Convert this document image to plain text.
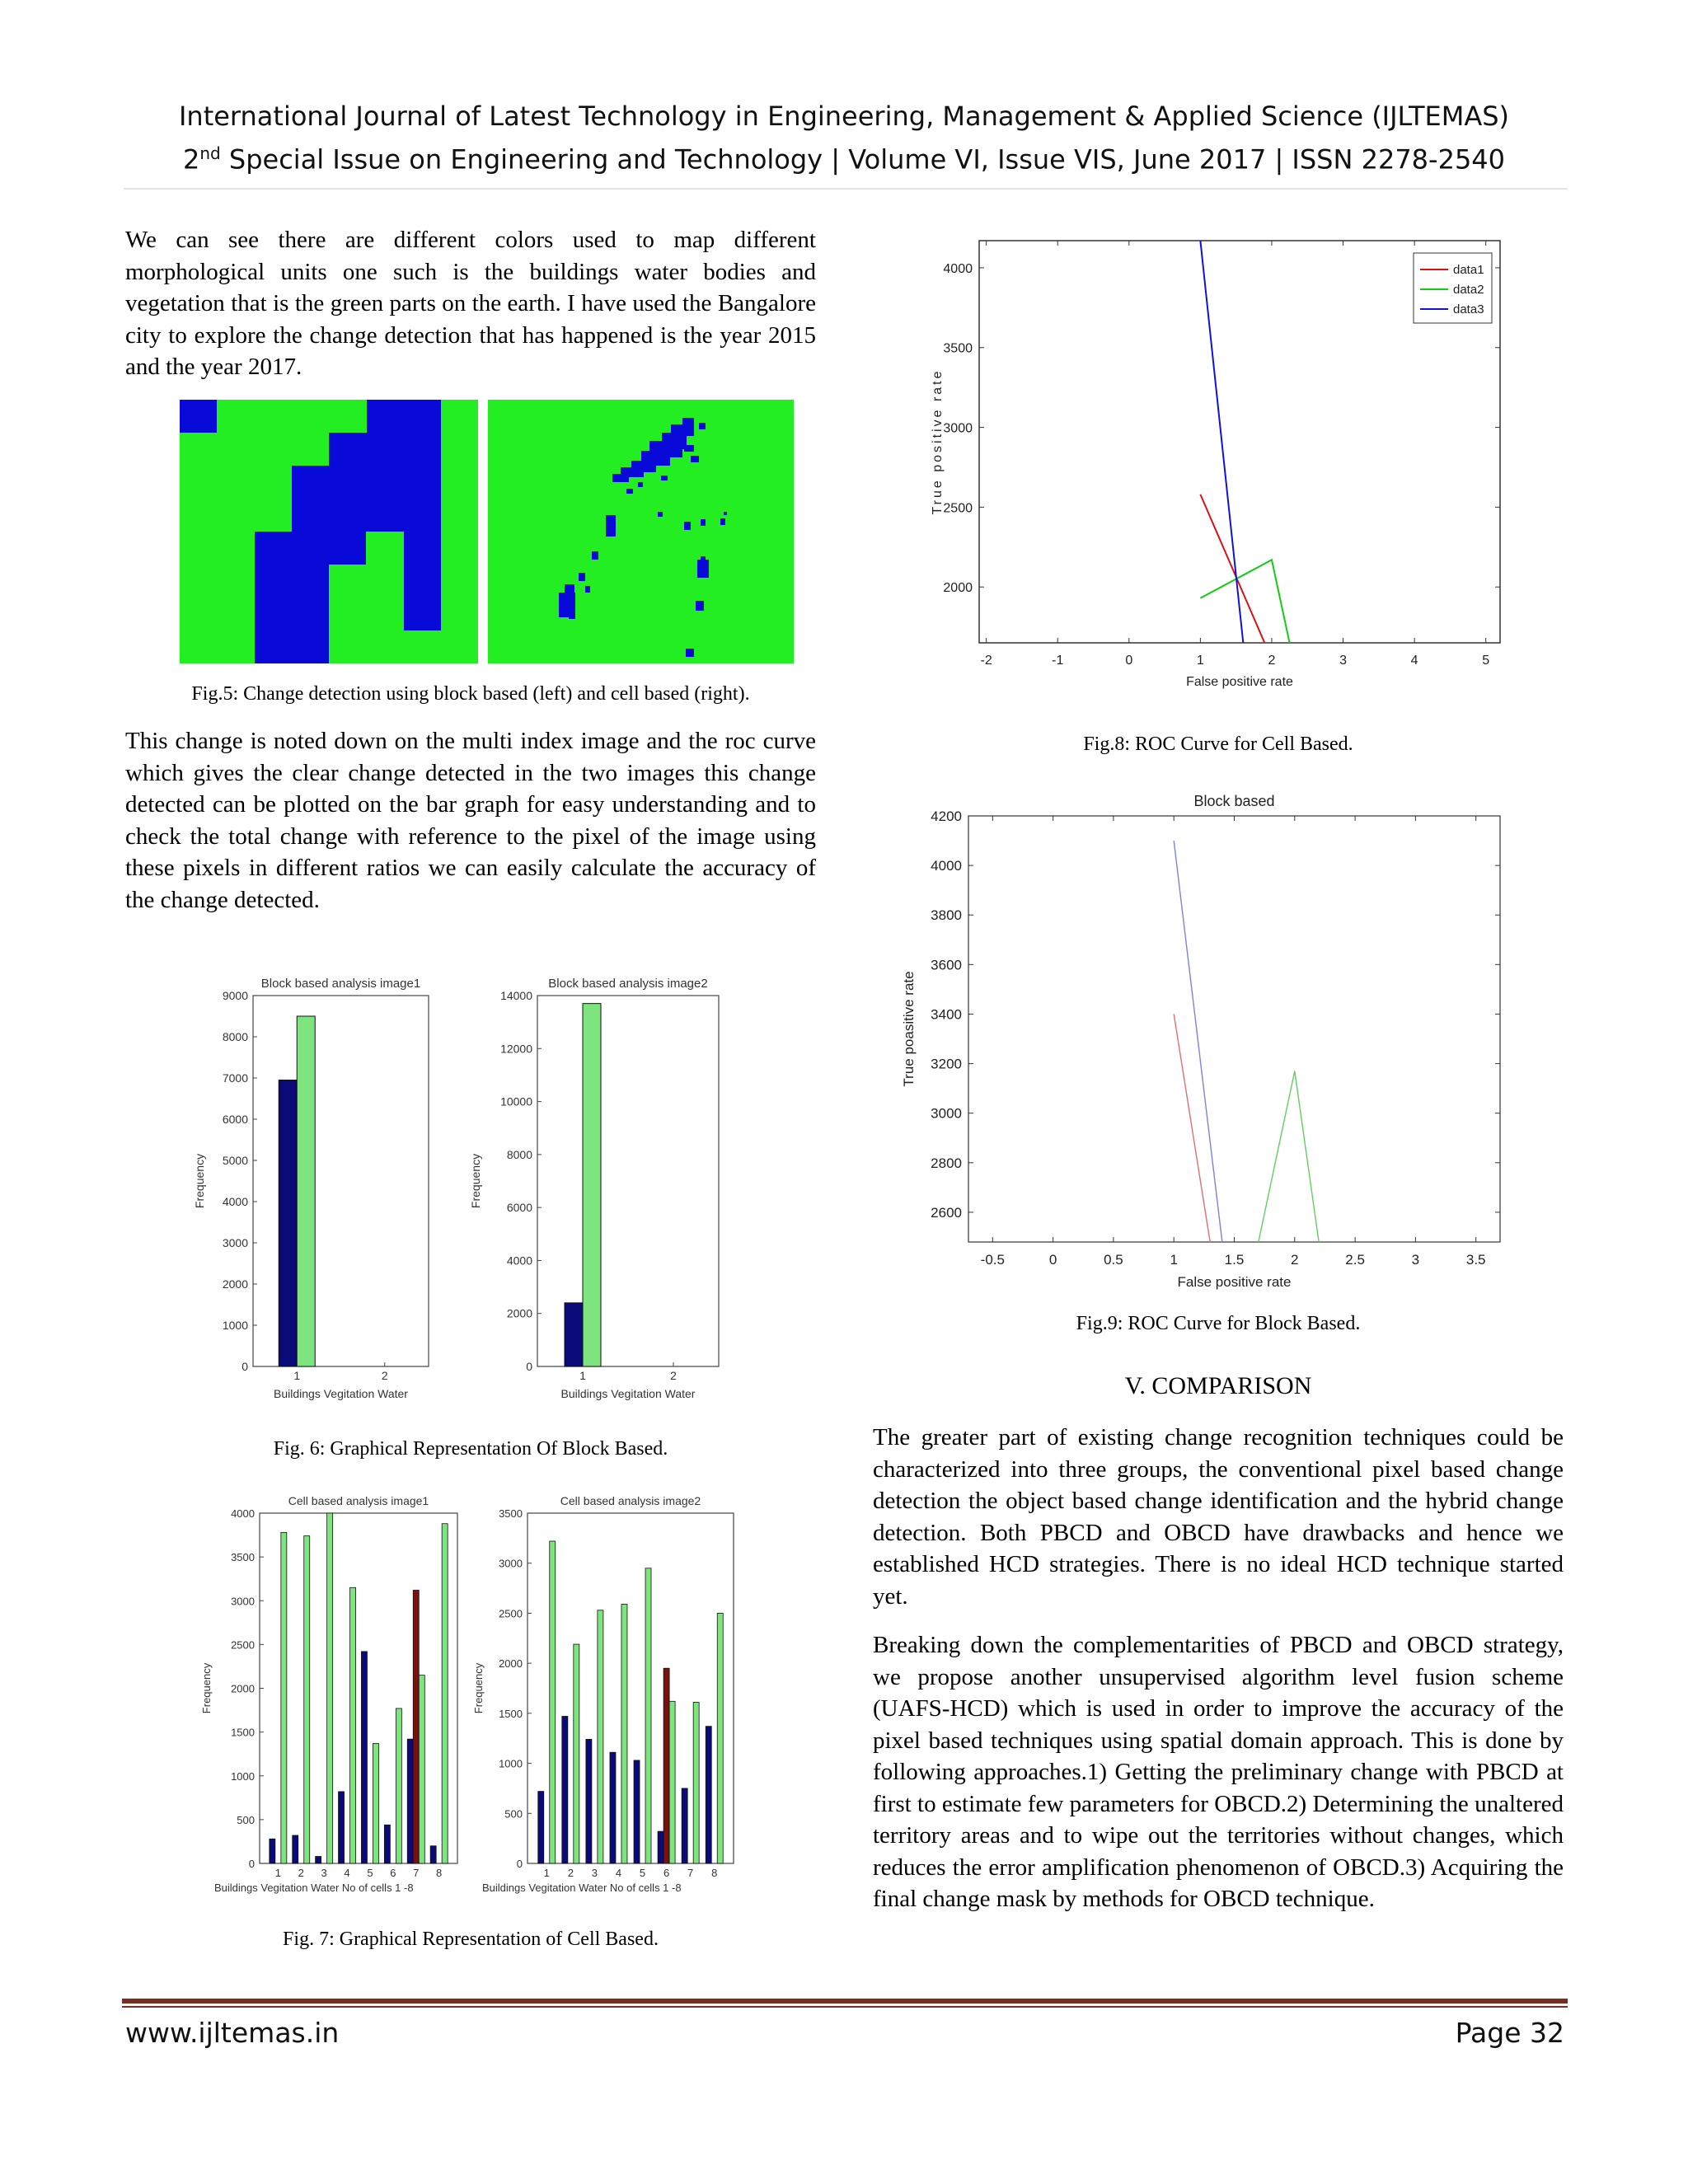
International Journal of Latest Technology in Engineering, Management & Applied Science (IJLTEMAS)
2nd Special Issue on Engineering and Technology | Volume VI, Issue VIS, June 2017 | ISSN 2278-2540

We can see there are different colors used to map different morphological units one such is the buildings water bodies and vegetation that is the green parts on the earth. I have used the Bangalore city to explore the change detection that has happened is the year 2015 and the year 2017.

Fig.5: Change detection using block based (left) and cell based (right).

This change is noted down on the multi index image and the roc curve which gives the clear change detected in the two images this change detected can be plotted on the bar graph for easy understanding and to check the total change with reference to the pixel of the image using these pixels in different ratios we can easily calculate the accuracy of the change detected.

Block based analysis image1
0
1000
2000
3000
4000
5000
6000
7000
8000
9000
1	2
Buildings Vegitation Water
Frequency
Block based analysis image2
0
2000
4000
6000
8000
10000
12000
14000
1	2
Buildings Vegitation Water
Frequency
Fig. 6: Graphical Representation Of Block Based.
Cell based analysis image1
0
500
1000
1500
2000
2500
3000
3500
4000
1 2 3 4 5 6 7 8
Buildings Vegitation Water No of cells 1 -8
Frequency
Cell based analysis image2
0
500
1000
1500
2000
2500
3000
3500
1 2 3 4 5 6 7 8
Buildings Vegitation Water No of cells 1 -8
Frequency
Fig. 7: Graphical Representation of Cell Based.
2000
2500
3000
3500
4000
-2	-1	0	1	2	3	4	5
False positive rate
True positive rate
data1
data2
data3
Fig.8: ROC Curve for Cell Based.
Block based
2600
2800
3000
3200
3400
3600
3800
4000
4200
-0.5	0	0.5	1	1.5	2	2.5	3	3.5
False positive rate
True poasitive rate
Fig.9: ROC Curve for Block Based.
V. COMPARISON

The greater part of existing change recognition techniques could be characterized into three groups, the conventional pixel based change detection the object based change identification and the hybrid change detection. Both PBCD and OBCD have drawbacks and hence we established HCD strategies. There is no ideal HCD technique started yet.

Breaking down the complementarities of PBCD and OBCD strategy, we propose another unsupervised algorithm level fusion scheme (UAFS-HCD) which is used in order to improve the accuracy of the pixel based techniques using spatial domain approach. This is done by following approaches.1) Getting the preliminary change with PBCD at first to estimate few parameters for OBCD.2) Determining the unaltered territory areas and to wipe out the territories without changes, which reduces the error amplification phenomenon of OBCD.3) Acquiring the final change mask by methods for OBCD technique.

www.ijltemas.in	Page 32
